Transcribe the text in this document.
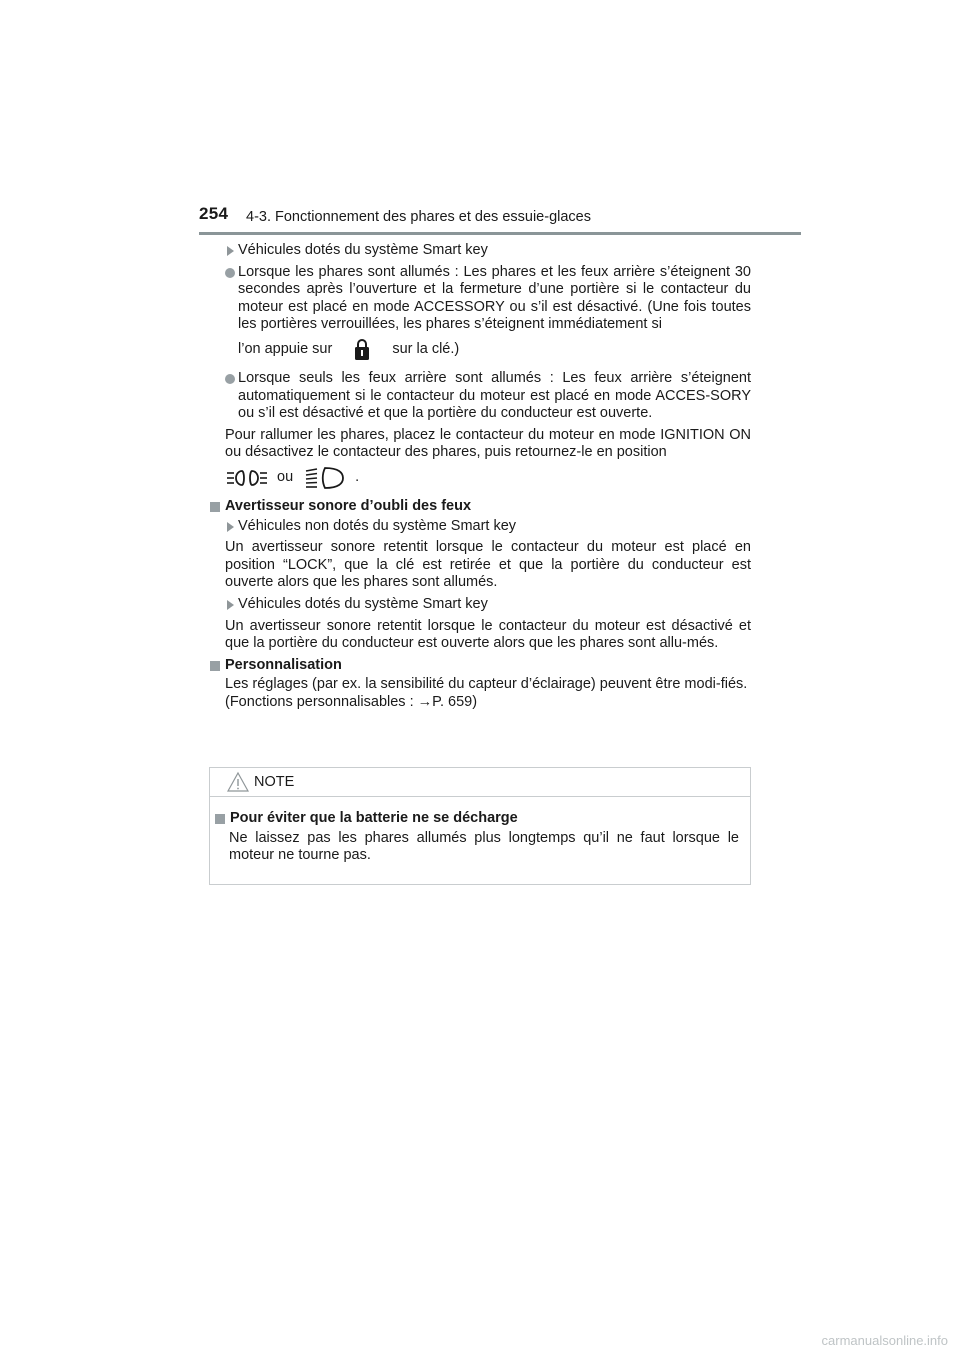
254 4-3. Fonctionnement des phares et des essuie-glaces
Véhicules dotés du système Smart key
Lorsque les phares sont allumés : Les phares et les feux arrière s’éteignent 30 secondes après l’ouverture et la fermeture d’une portière si le contacteur du moteur est placé en mode ACCESSORY ou s’il est désactivé. (Une fois toutes les portières verrouillées, les phares s’éteignent immédiatement si
l’on appuie sur	sur la clé.)
Lorsque seuls les feux arrière sont allumés : Les feux arrière s’éteignent automatiquement si le contacteur du moteur est placé en mode ACCES-SORY ou s’il est désactivé et que la portière du conducteur est ouverte.
Pour rallumer les phares, placez le contacteur du moteur en mode IGNITION ON ou désactivez le contacteur des phares, puis retournez-le en position
ou	.
Avertisseur sonore d’oubli des feux
Véhicules non dotés du système Smart key
Un avertisseur sonore retentit lorsque le contacteur du moteur est placé en position “LOCK”, que la clé est retirée et que la portière du conducteur est ouverte alors que les phares sont allumés.
Véhicules dotés du système Smart key
Un avertisseur sonore retentit lorsque le contacteur du moteur est désactivé et que la portière du conducteur est ouverte alors que les phares sont allu-més.
Personnalisation
Les réglages (par ex. la sensibilité du capteur d’éclairage) peuvent être modi-fiés.
(Fonctions personnalisables : →P. 659)
NOTE
Pour éviter que la batterie ne se décharge
Ne laissez pas les phares allumés plus longtemps qu’il ne faut lorsque le moteur ne tourne pas.
carmanualsonline.info
